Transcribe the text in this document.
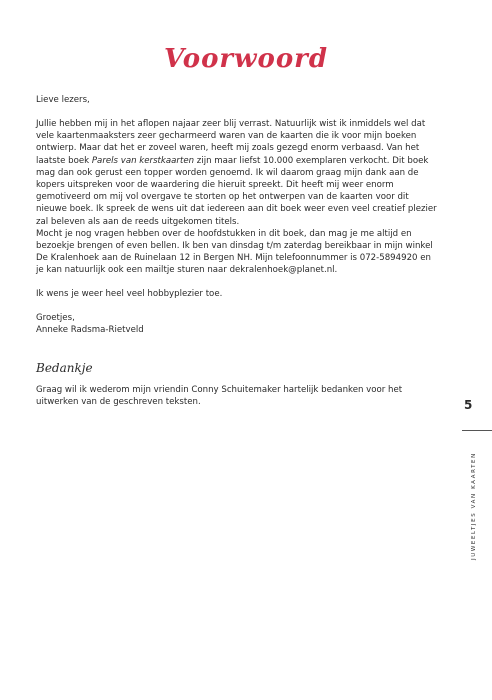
Voorwoord

Lieve lezers,

Jullie hebben mij in het aflopen najaar zeer blij verrast. Natuurlijk wist ik inmiddels wel dat vele kaartenmaaksters zeer gecharmeerd waren van de kaarten die ik voor mijn boeken ontwierp. Maar dat het er zoveel waren, heeft mij zoals gezegd enorm verbaasd. Van het laatste boek Parels van kerstkaarten zijn maar liefst 10.000 exemplaren verkocht. Dit boek mag dan ook gerust een topper worden genoemd. Ik wil daarom graag mijn dank aan de kopers uitspreken voor de waardering die hieruit spreekt. Dit heeft mij weer enorm gemotiveerd om mij vol overgave te storten op het ontwerpen van de kaarten voor dit nieuwe boek. Ik spreek de wens uit dat iedereen aan dit boek weer even veel creatief plezier zal beleven als aan de reeds uitgekomen titels.

Mocht je nog vragen hebben over de hoofdstukken in dit boek, dan mag je me altijd en bezoekje brengen of even bellen. Ik ben van dinsdag t/m zaterdag bereikbaar in mijn winkel De Kralenhoek aan de Ruinelaan 12 in Bergen NH. Mijn telefoonnummer is 072-5894920 en je kan natuurlijk ook een mailtje sturen naar dekralenhoek@planet.nl.

Ik wens je weer heel veel hobbyplezier toe.

Groetjes,

Anneke Radsma-Rietveld

Bedankje

Graag wil ik wederom mijn vriendin Conny Schuitemaker hartelijk bedanken voor het uitwerken van de geschreven teksten.	5
JUWEELTJES VAN KAARTEN
